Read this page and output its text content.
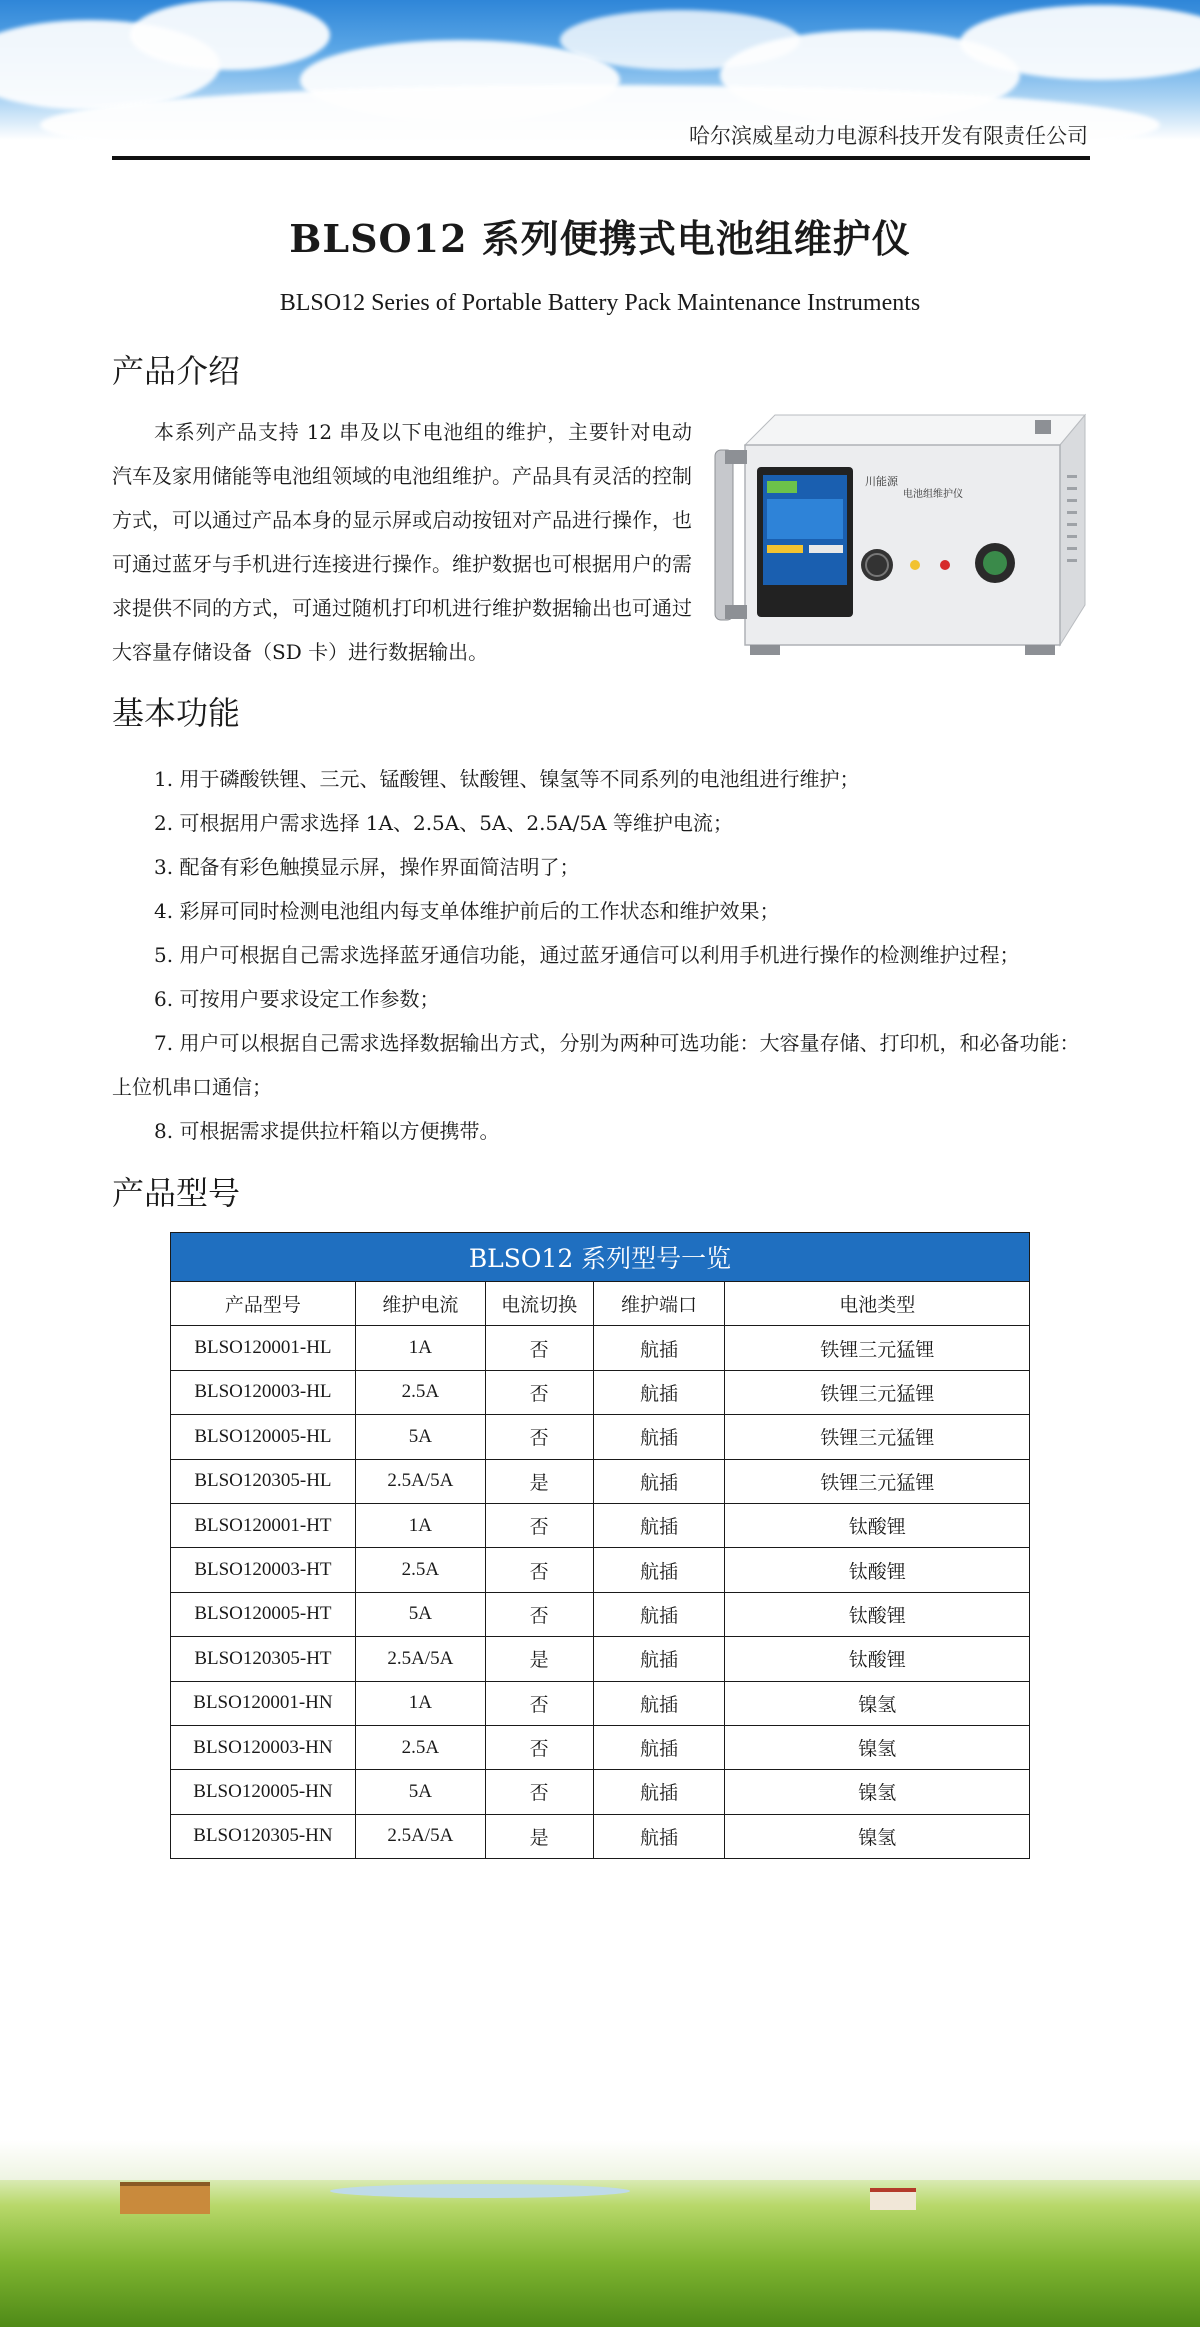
哈尔滨威星动力电源科技开发有限责任公司
BLSO12 系列便携式电池组维护仪

BLSO12 Series of Portable Battery Pack Maintenance Instruments

产品介绍

本系列产品支持 12 串及以下电池组的维护，主要针对电动汽车及家用储能等电池组领域的电池组维护。产品具有灵活的控制方式，可以通过产品本身的显示屏或启动按钮对产品进行操作，也可通过蓝牙与手机进行连接进行操作。维护数据也可根据用户的需求提供不同的方式，可通过随机打印机进行维护数据输出也可通过大容量存储设备（SD 卡）进行数据输出。

川能源
电池组维护仪
基本功能
1. 用于磷酸铁锂、三元、锰酸锂、钛酸锂、镍氢等不同系列的电池组进行维护；
2. 可根据用户需求选择 1A、2.5A、5A、2.5A/5A 等维护电流；
3. 配备有彩色触摸显示屏，操作界面简洁明了；
4. 彩屏可同时检测电池组内每支单体维护前后的工作状态和维护效果；
5. 用户可根据自己需求选择蓝牙通信功能，通过蓝牙通信可以利用手机进行操作的检测维护过程；
6. 可按用户要求设定工作参数；
7. 用户可以根据自己需求选择数据输出方式，分别为两种可选功能：大容量存储、打印机，和必备功能：上位机串口通信；
8. 可根据需求提供拉杆箱以方便携带。
产品型号
BLSO12 系列型号一览				
产品型号	维护电流	电流切换	维护端口	电池类型
BLSO120001-HL	1A	否	航插	铁锂三元猛锂
BLSO120003-HL	2.5A	否	航插	铁锂三元猛锂
BLSO120005-HL	5A	否	航插	铁锂三元猛锂
BLSO120305-HL	2.5A/5A	是	航插	铁锂三元猛锂
BLSO120001-HT	1A	否	航插	钛酸锂
BLSO120003-HT	2.5A	否	航插	钛酸锂
BLSO120005-HT	5A	否	航插	钛酸锂
BLSO120305-HT	2.5A/5A	是	航插	钛酸锂
BLSO120001-HN	1A	否	航插	镍氢
BLSO120003-HN	2.5A	否	航插	镍氢
BLSO120005-HN	5A	否	航插	镍氢
BLSO120305-HN	2.5A/5A	是	航插	镍氢
